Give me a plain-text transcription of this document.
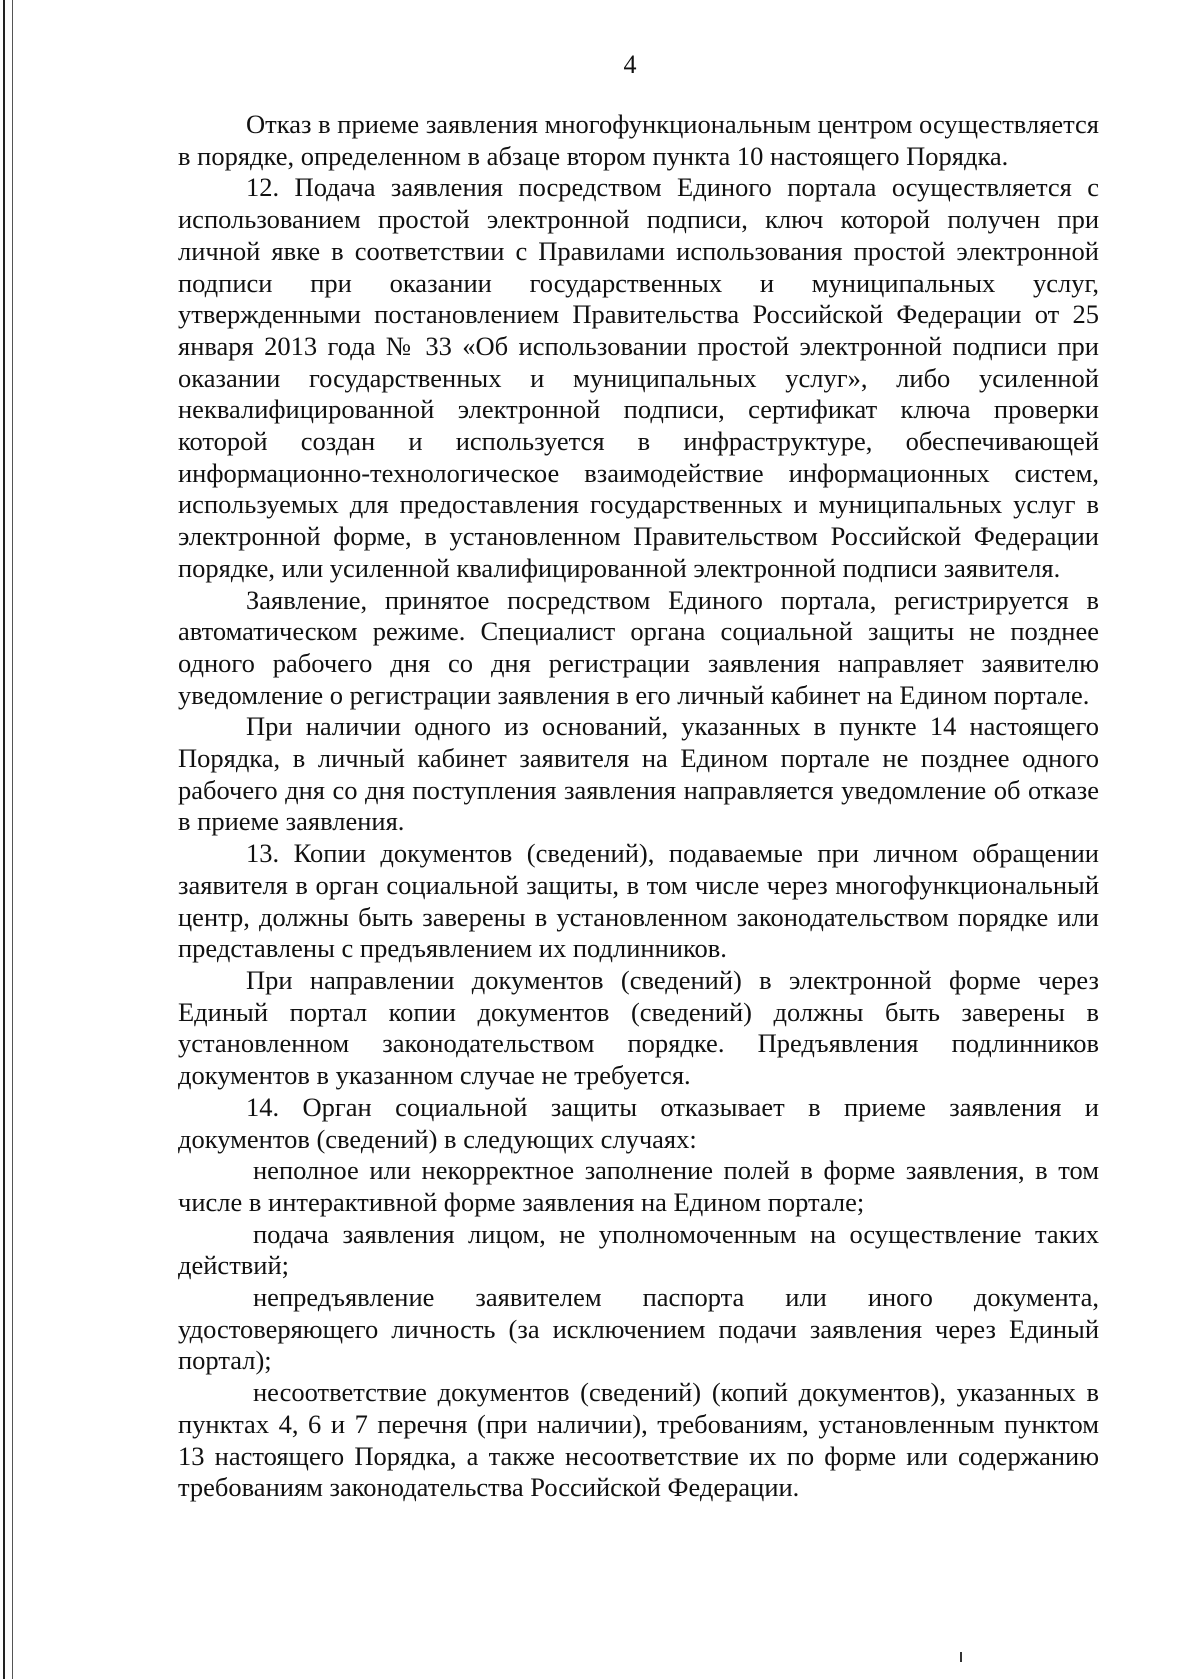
4

Отказ в приеме заявления многофункциональным центром осуществляется в порядке, определенном в абзаце втором пункта 10 настоящего Порядка.

12. Подача заявления посредством Единого портала осуществляется с использованием простой электронной подписи, ключ которой получен при личной явке в соответствии с Правилами использования простой электронной подписи при оказании государственных и муниципальных услуг, утвержденными постановлением Правительства Российской Федерации от 25 января 2013 года № 33 «Об использовании простой электронной подписи при оказании государственных и муниципальных услуг», либо усиленной неквалифицированной электронной подписи, сертификат ключа проверки которой создан и используется в инфраструктуре, обеспечивающей информационно-технологическое взаимодействие информационных систем, используемых для предоставления государственных и муниципальных услуг в электронной форме, в установленном Правительством Российской Федерации порядке, или усиленной квалифицированной электронной подписи заявителя.

Заявление, принятое посредством Единого портала, регистрируется в автоматическом режиме. Специалист органа социальной защиты не позднее одного рабочего дня со дня регистрации заявления направляет заявителю уведомление о регистрации заявления в его личный кабинет на Едином портале.

При наличии одного из оснований, указанных в пункте 14 настоящего Порядка, в личный кабинет заявителя на Едином портале не позднее одного рабочего дня со дня поступления заявления направляется уведомление об отказе в приеме заявления.

13. Копии документов (сведений), подаваемые при личном обращении заявителя в орган социальной защиты, в том числе через многофункциональный центр, должны быть заверены в установленном законодательством порядке или представлены с предъявлением их подлинников.

При направлении документов (сведений) в электронной форме через Единый портал копии документов (сведений) должны быть заверены в установленном законодательством порядке. Предъявления подлинников документов в указанном случае не требуется.

14. Орган социальной защиты отказывает в приеме заявления и документов (сведений) в следующих случаях:

неполное или некорректное заполнение полей в форме заявления, в том числе в интерактивной форме заявления на Едином портале;

подача заявления лицом, не уполномоченным на осуществление таких действий;

непредъявление заявителем паспорта или иного документа, удостоверяющего личность (за исключением подачи заявления через Единый портал);

несоответствие документов (сведений) (копий документов), указанных в пунктах 4, 6 и 7 перечня (при наличии), требованиям, установленным пунктом 13 настоящего Порядка, а также несоответствие их по форме или содержанию требованиям законодательства Российской Федерации.
